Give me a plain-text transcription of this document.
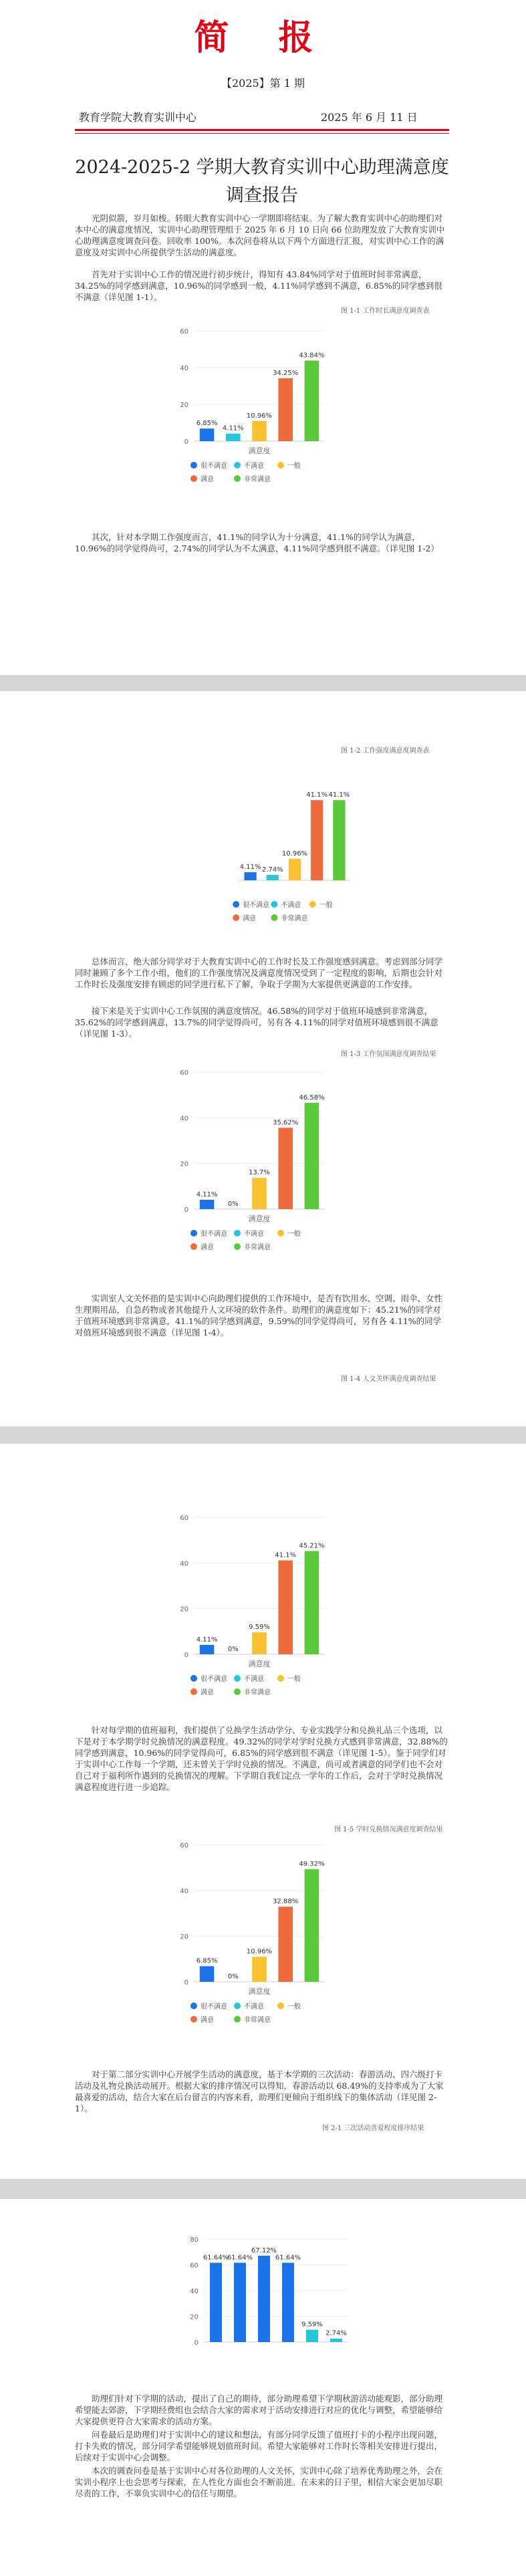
简 报
【2025】第 1 期
教育学院大教育实训中心	2025 年 6 月 11 日
2024-2025-2 学期大教育实训中心助理满意度调查报告

光阴似箭，岁月如梭。转眼大教育实训中心一学期即将结束。为了解大教育实训中心的助理们对本中心的满意度情况，实训中心助理管理组于 2025 年 6 月 10 日向 66 位助理发放了大教育实训中心助理满意度调查问卷。回收率 100%。本次问卷将从以下两个方面进行汇报，对实训中心工作的满意度及对实训中心所提供学生活动的满意度。

首先对于实训中心工作的情况进行初步统计，得知有 43.84%同学对于值班时间非常满意，34.25%的同学感到满意，10.96%的同学感到一般，4.11%同学感到不满意，6.85%的同学感到很不满意（详见图 1-1）。

图 1-1 工作时长满意度调查表
0
20
40
60
6.85%
4.11%
10.96%
34.25%
43.84%
满意度
很不满意	不满意	一般
满意	非常满意

其次，针对本学期工作强度而言，41.1%的同学认为十分满意，41.1%的同学认为满意，10.96%的同学觉得尚可，2.74%的同学认为不太满意，4.11%同学感到很不满意。（详见图 1-2）

图 1-2 工作强度满意度调查表
4.11% 2.74%
10.96%
41.1% 41.1%
很不满意 不满意	一般
满意	非常满意

总体而言，绝大部分同学对于大教育实训中心的工作时长及工作强度感到满意。考虑到部分同学同时兼顾了多个工作小组，他们的工作强度情况及满意度情况受到了一定程度的影响，后期也会针对工作时长及强度安排有顾虑的同学进行私下了解，争取于学期为大家提供更满意的工作安排。

接下来是关于实训中心工作氛围的满意度情况。46.58%的同学对于值班环境感到非常满意，35.62%的同学感到满意，13.7%的同学觉得尚可，另有各 4.11%的同学对值班环境感到很不满意（详见图 1-3）。

图 1-3 工作氛围满意度调查结果
0
20
40
60
4.11%
0%
13.7%
35.62%
46.58%
满意度
很不满意	不满意	一般
满意	非常满意

实训室人文关怀指的是实训中心向助理们提供的工作环境中，是否有饮用水、空调、雨伞、女性生理期用品，自急药物或者其他提升人文环境的软件条件。助理们的满意度如下：45.21%的同学对于值班环境感到非常满意，41.1%的同学感到满意，9.59%的同学觉得尚可，另有各 4.11%的同学对值班环境感到很不满意（详见图 1-4）。

图 1-4 人文关怀满意度调查结果
0
20
40
60
4.11%
0%
9.59%
41.1%
45.21%
满意度
很不满意	不满意	一般
满意	非常满意

针对每学期的值班福利，我们提供了兑换学生活动学分、专业实践学分和兑换礼品三个选项，以下是对于本学期学时兑换情况的满意程度。49.32%的同学对学时兑换方式感到非常满意，32.88%的同学感到满意，10.96%的同学觉得尚可，6.85%的同学感到很不满意（详见图 1-5）。鉴于同学们对于实训中心工作每一个学期，还未曾关于学时兑换的情况。不满意，尚可或者满意的同学们也不会对自己对于福利所作遇到的兑换情况的理解。下学期自我们定点一学年的工作后，会对于学时兑换情况满意程度进行进一步追踪。

图 1-5 学时兑换情况满意度调查结果
0
20
40
60
6.85%
0%
10.96%
32.88%
49.32%
满意度
很不满意	不满意	一般
满意	非常满意

对于第二部分实训中心开展学生活动的满意度，基于本学期的三次活动：春游活动、四六级打卡活动及礼物兑换活动展开。根据大家的排序情况可以得知，春游活动以 68.49%的支持率成为了大家最喜爱的活动，结合大家在后台留言的内容来看，助理们更倾向于组织线下的集体活动（详见图 2-1）。

图 2-1 三次活动喜爱程度排序结果
0
20
40
60
80
61.64%
61.64%
67.12%
61.64%
9.59%
2.74%

助理们针对下学期的活动，提出了自己的期待，部分助理希望下学期秋游活动能观影，部分助理希望能去郊游，下学期经费组也会结合大家的需求对于活动安排进行对应的优化与调整，希望能够给大家提供更符合大家需求的活动方案。

问卷最后是助理们对于实训中心的建议和想法，有部分同学反馈了值班打卡的小程序出现问题，打卡失败的情况，部分同学希望能够规划值班时间。希望大家能够对工作时长等相关安排进行提出，后续对于实训中心会调整。

本次的调查问卷是基于实训中心对各位助理的人文关怀，实训中心除了培养优秀助理之外，会在实训小程序上也会思考与探索，在人性化方面也会不断前进。在未来的日子里，相信大家会更加尽职尽责的工作，不辜负实训中心的信任与期望。
